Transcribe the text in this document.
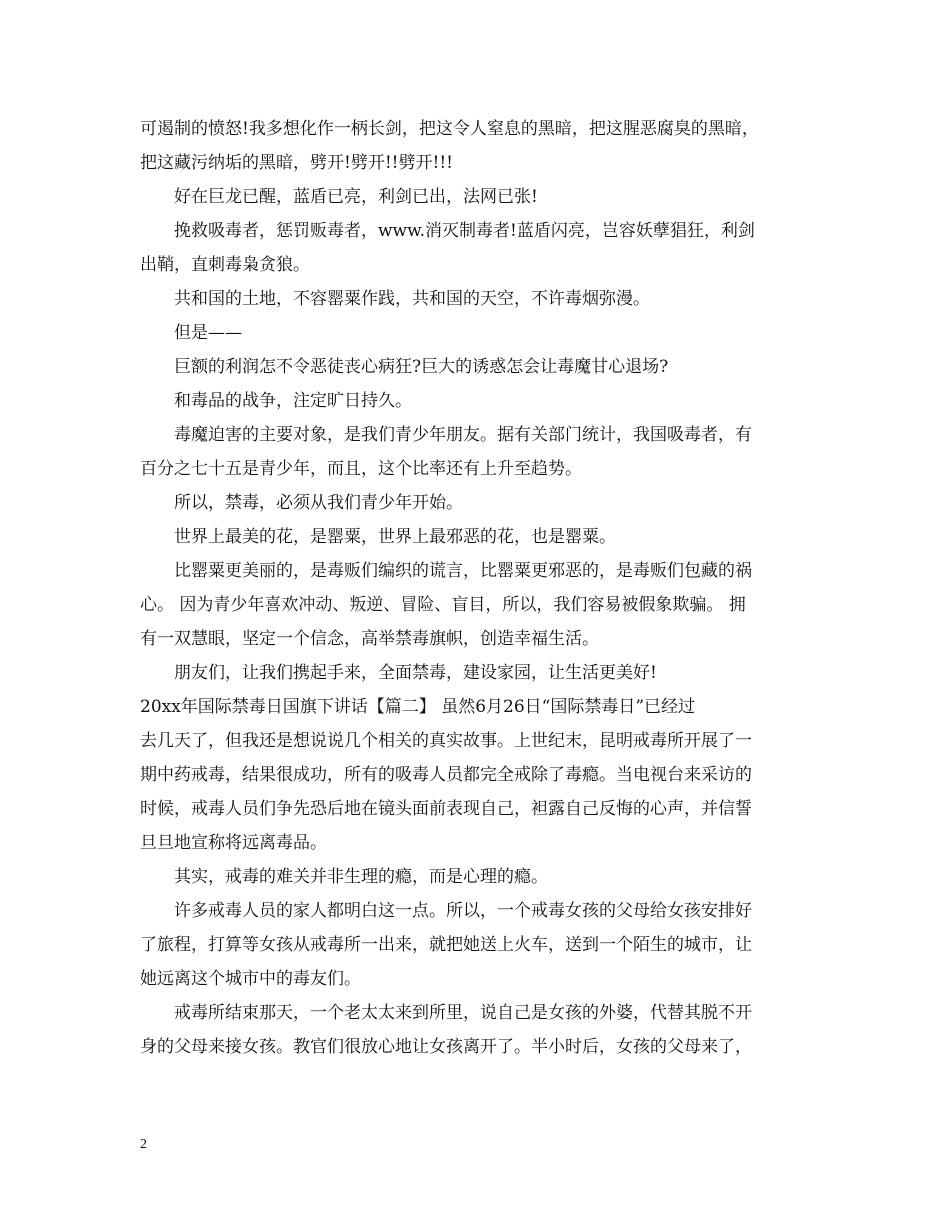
可遏制的愤怒!我多想化作一柄长剑，把这令人窒息的黑暗，把这腥恶腐臭的黑暗，
把这藏污纳垢的黑暗，劈开!劈开!!劈开!!!
好在巨龙已醒，蓝盾已亮，利剑已出，法网已张!
挽救吸毒者，惩罚贩毒者，www.消灭制毒者!蓝盾闪亮，岂容妖孽猖狂，利剑
出鞘，直刺毒枭贪狼。
共和国的土地，不容罂粟作践，共和国的天空，不许毒烟弥漫。
但是——
巨额的利润怎不令恶徒丧心病狂?巨大的诱惑怎会让毒魔甘心退场?
和毒品的战争，注定旷日持久。
毒魔迫害的主要对象，是我们青少年朋友。据有关部门统计，我国吸毒者，有
百分之七十五是青少年，而且，这个比率还有上升至趋势。
所以，禁毒，必须从我们青少年开始。
世界上最美的花，是罂粟，世界上最邪恶的花，也是罂粟。
比罂粟更美丽的，是毒贩们编织的谎言，比罂粟更邪恶的，是毒贩们包藏的祸
心。 因为青少年喜欢冲动、叛逆、冒险、盲目，所以，我们容易被假象欺骗。 拥
有一双慧眼，坚定一个信念，高举禁毒旗帜，创造幸福生活。
朋友们，让我们携起手来，全面禁毒，建设家园，让生活更美好!
20xx年国际禁毒日国旗下讲话【篇二】 虽然6月26日“国际禁毒日”已经过
去几天了，但我还是想说说几个相关的真实故事。上世纪末，昆明戒毒所开展了一
期中药戒毒，结果很成功，所有的吸毒人员都完全戒除了毒瘾。当电视台来采访的
时候，戒毒人员们争先恐后地在镜头面前表现自己，袒露自己反悔的心声，并信誓
旦旦地宣称将远离毒品。
其实，戒毒的难关并非生理的瘾，而是心理的瘾。
许多戒毒人员的家人都明白这一点。所以，一个戒毒女孩的父母给女孩安排好
了旅程，打算等女孩从戒毒所一出来，就把她送上火车，送到一个陌生的城市，让
她远离这个城市中的毒友们。
戒毒所结束那天，一个老太太来到所里，说自己是女孩的外婆，代替其脱不开
身的父母来接女孩。教官们很放心地让女孩离开了。半小时后，女孩的父母来了，
2
